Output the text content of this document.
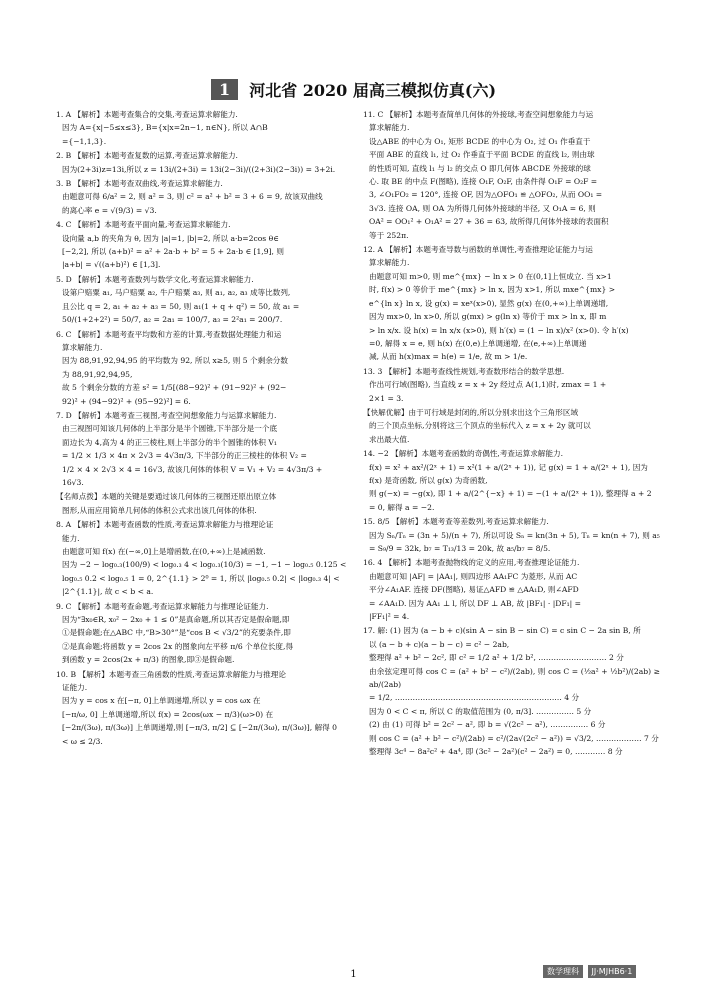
1 河北省 2020 届高三模拟仿真(六)

1. A 【解析】本题考查集合的交集,考查运算求解能力.

因为 A={x|−5≤x≤3}, B={x|x=2n−1, n∈N}, 所以 A∩B

={−1,1,3}.

2. B 【解析】本题考查复数的运算,考查运算求解能力.

因为(2+3i)z=13i,所以 z = 13i/(2+3i) = 13i(2−3i)/((2+3i)(2−3i)) = 3+2i.

3. B 【解析】本题考查双曲线,考查运算求解能力.

由题意可得 6/a² = 2, 则 a² = 3, 则 c² = a² + b² = 3 + 6 = 9, 故该双曲线

的离心率 e = √(9/3) = √3.

4. C 【解析】本题考查平面向量,考查运算求解能力.

设向量 a,b 的夹角为 θ, 因为 |a|=1, |b|=2, 所以 a·b=2cos θ∈

[−2,2], 所以 (a+b)² = a² + 2a·b + b² = 5 + 2a·b ∈ [1,9], 则

|a+b| = √((a+b)²) ∈ [1,3].

5. D 【解析】本题考查数列与数学文化,考查运算求解能力.

设第户赔粟 a₁, 马户赔粟 a₂, 牛户赔粟 a₃, 则 a₁, a₂, a₃ 成等比数列,

且公比 q = 2, a₁ + a₂ + a₃ = 50, 则 a₁(1 + q + q²) = 50, 故 a₁ =

50/(1+2+2²) = 50/7, a₂ = 2a₁ = 100/7, a₃ = 2²a₁ = 200/7.

6. C 【解析】本题考查平均数和方差的计算,考查数据处理能力和运

算求解能力.

因为 88,91,92,94,95 的平均数为 92, 所以 x≥5, 则 5 个剩余分数

为 88,91,92,94,95,

故 5 个剩余分数的方差 s² = 1/5[(88−92)² + (91−92)² + (92−

92)² + (94−92)² + (95−92)²] = 6.

7. D 【解析】本题考查三视图,考查空间想象能力与运算求解能力.

由三视图可知该几何体的上半部分是半个圆锥,下半部分是一个底

面边长为 4,高为 4 的正三棱柱,则上半部分的半个圆锥的体积 V₁

= 1/2 × 1/3 × 4π × 2√3 = 4√3π/3, 下半部分的正三棱柱的体积 V₂ =

1/2 × 4 × 2√3 × 4 = 16√3, 故该几何体的体积 V = V₁ + V₂ = 4√3π/3 +

16√3.

【名师点拨】本题的关键是要通过该几何体的三视图还原出原立体

图形,从而应用简单几何体的体积公式求出该几何体的体积.

8. A 【解析】本题考查函数的性质,考查运算求解能力与推理论证

能力.

由题意可知 f(x) 在(−∞,0]上是增函数,在(0,+∞)上是减函数.

因为 −2 − log₀.₃(100/9) < log₀.₃ 4 < log₀.₃(10/3) = −1, −1 − log₀.₅ 0.125 <

log₀.₅ 0.2 < log₀.₅ 1 = 0, 2^{1.1} > 2⁰ = 1, 所以 |log₀.₅ 0.2| < |log₀.₃ 4| <

|2^{1.1}|, 故 c < b < a.

9. C 【解析】本题考查命题,考查运算求解能力与推理论证能力.

因为“∃x₀∈R, x₀² − 2x₀ + 1 ≤ 0”是真命题,所以其否定是假命题,即

①是假命题;在△ABC 中,“B>30°”是“cos B < √3/2”的充要条件,即

②是真命题;将函数 y = 2cos 2x 的图象向左平移 π/6 个单位长度,得

到函数 y = 2cos(2x + π/3) 的图象,即③是假命题.

10. B 【解析】本题考查三角函数的性质,考查运算求解能力与推理论

证能力.

因为 y = cos x 在[−π, 0]上单调递增,所以 y = cos ωx 在

[−π/ω, 0] 上单调递增,所以 f(x) = 2cos(ωx − π/3)(ω>0) 在

[−2π/(3ω), π/(3ω)] 上单调递增,则 [−π/3, π/2] ⊆ [−2π/(3ω), π/(3ω)], 解得 0

< ω ≤ 2/3.

11. C 【解析】本题考查简单几何体的外接球,考查空间想象能力与运

算求解能力.

设△ABE 的中心为 O₁, 矩形 BCDE 的中心为 O₂, 过 O₁ 作垂直于

平面 ABE 的直线 l₁, 过 O₂ 作垂直于平面 BCDE 的直线 l₂, 则由球

的性质可知, 直线 l₁ 与 l₂ 的交点 O 即几何体 ABCDE 外接球的球

心. 取 BE 的中点 F(图略), 连接 O₁F, O₂F, 由条件得 O₁F = O₂F =

3, ∠O₁FO₂ = 120°, 连接 OF, 因为△OFO₁ ≌ △OFO₂, 从而 OO₁ =

3√3. 连接 OA, 则 OA 为所得几何体外接球的半径, 又 O₁A = 6, 则

OA² = OO₁² + O₁A² = 27 + 36 = 63, 故所得几何体外接球的表面积

等于 252π.

12. A 【解析】本题考查导数与函数的单调性,考查推理论证能力与运

算求解能力.

由题意可知 m>0, 则 me^{mx} − ln x > 0 在(0,1]上恒成立. 当 x>1

时, f(x) > 0 等价于 me^{mx} > ln x, 因为 x>1, 所以 mxe^{mx} >

e^{ln x} ln x, 设 g(x) = xeˣ(x>0), 显然 g(x) 在(0,+∞)上单调递增,

因为 mx>0, ln x>0, 所以 g(mx) > g(ln x) 等价于 mx > ln x, 即 m

> ln x/x. 设 h(x) = ln x/x (x>0), 则 h′(x) = (1 − ln x)/x² (x>0). 令 h′(x)

=0, 解得 x = e, 则 h(x) 在(0,e)上单调递增, 在(e,+∞)上单调递

减, 从而 h(x)max = h(e) = 1/e, 故 m > 1/e.

13. 3 【解析】本题考查线性规划,考查数形结合的数学思想.

作出可行域(图略), 当直线 z = x + 2y 经过点 A(1,1)时, zmax = 1 +

2×1 = 3.

【快解优解】由于可行域是封闭的,所以分别求出这个三角形区域

的三个顶点坐标,分别将这三个顶点的坐标代入 z = x + 2y 就可以

求出最大值.

14. −2 【解析】本题考查函数的奇偶性,考查运算求解能力.

f(x) = x² + ax²/(2ˣ + 1) = x²(1 + a/(2ˣ + 1)), 记 g(x) = 1 + a/(2ˣ + 1), 因为

f(x) 是奇函数, 所以 g(x) 为奇函数,

则 g(−x) = −g(x), 即 1 + a/(2^{−x} + 1) = −(1 + a/(2ˣ + 1)), 整理得 a + 2

= 0, 解得 a = −2.

15. 8/5 【解析】本题考查等差数列,考查运算求解能力.

因为 Sₙ/Tₙ = (3n + 5)/(n + 7), 所以可设 Sₙ = kn(3n + 5), Tₙ = kn(n + 7), 则 a₅

= S₉/9 = 32k, b₇ = T₁₃/13 = 20k, 故 a₅/b₇ = 8/5.

16. 4 【解析】本题考查抛物线的定义的应用,考查推理论证能力.

由题意可知 |AF| = |AA₁|, 则四边形 AA₁FC 为菱形, 从而 AC

平分∠A₁AF. 连接 DF(图略), 易证△AFD ≌ △AA₁D, 则∠AFD

= ∠AA₁D. 因为 AA₁ ⊥ l, 所以 DF ⊥ AB, 故 |BF₁| · |DF₁| =

|FF₁|² = 4.

17. 解: (1) 因为 (a − b + c)(sin A − sin B − sin C) = c sin C − 2a sin B, 所

以 (a − b + c)(a − b − c) = c² − 2ab,

整理得 a² + b² − 2c², 即 c² = 1/2 a² + 1/2 b², ……………………… 2 分

由余弦定理可得 cos C = (a² + b² − c²)/(2ab), 则 cos C = (½a² + ½b²)/(2ab) ≥ ab/(2ab)

= 1/2, ………………………………………………………… 4 分

因为 0 < C < π, 所以 C 的取值范围为 (0, π/3]. …………… 5 分

(2) 由 (1) 可得 b² = 2c² − a², 即 b = √(2c² − a²), …………… 6 分

则 cos C = (a² + b² − c²)/(2ab) = c²/(2a√(2c² − a²)) = √3/2, ……………… 7 分

整理得 3c⁴ − 8a²c² + 4a⁴, 即 (3c² − 2a²)(c² − 2a²) = 0, ………… 8 分

1	数学理科 JJ·MJHB6·1
